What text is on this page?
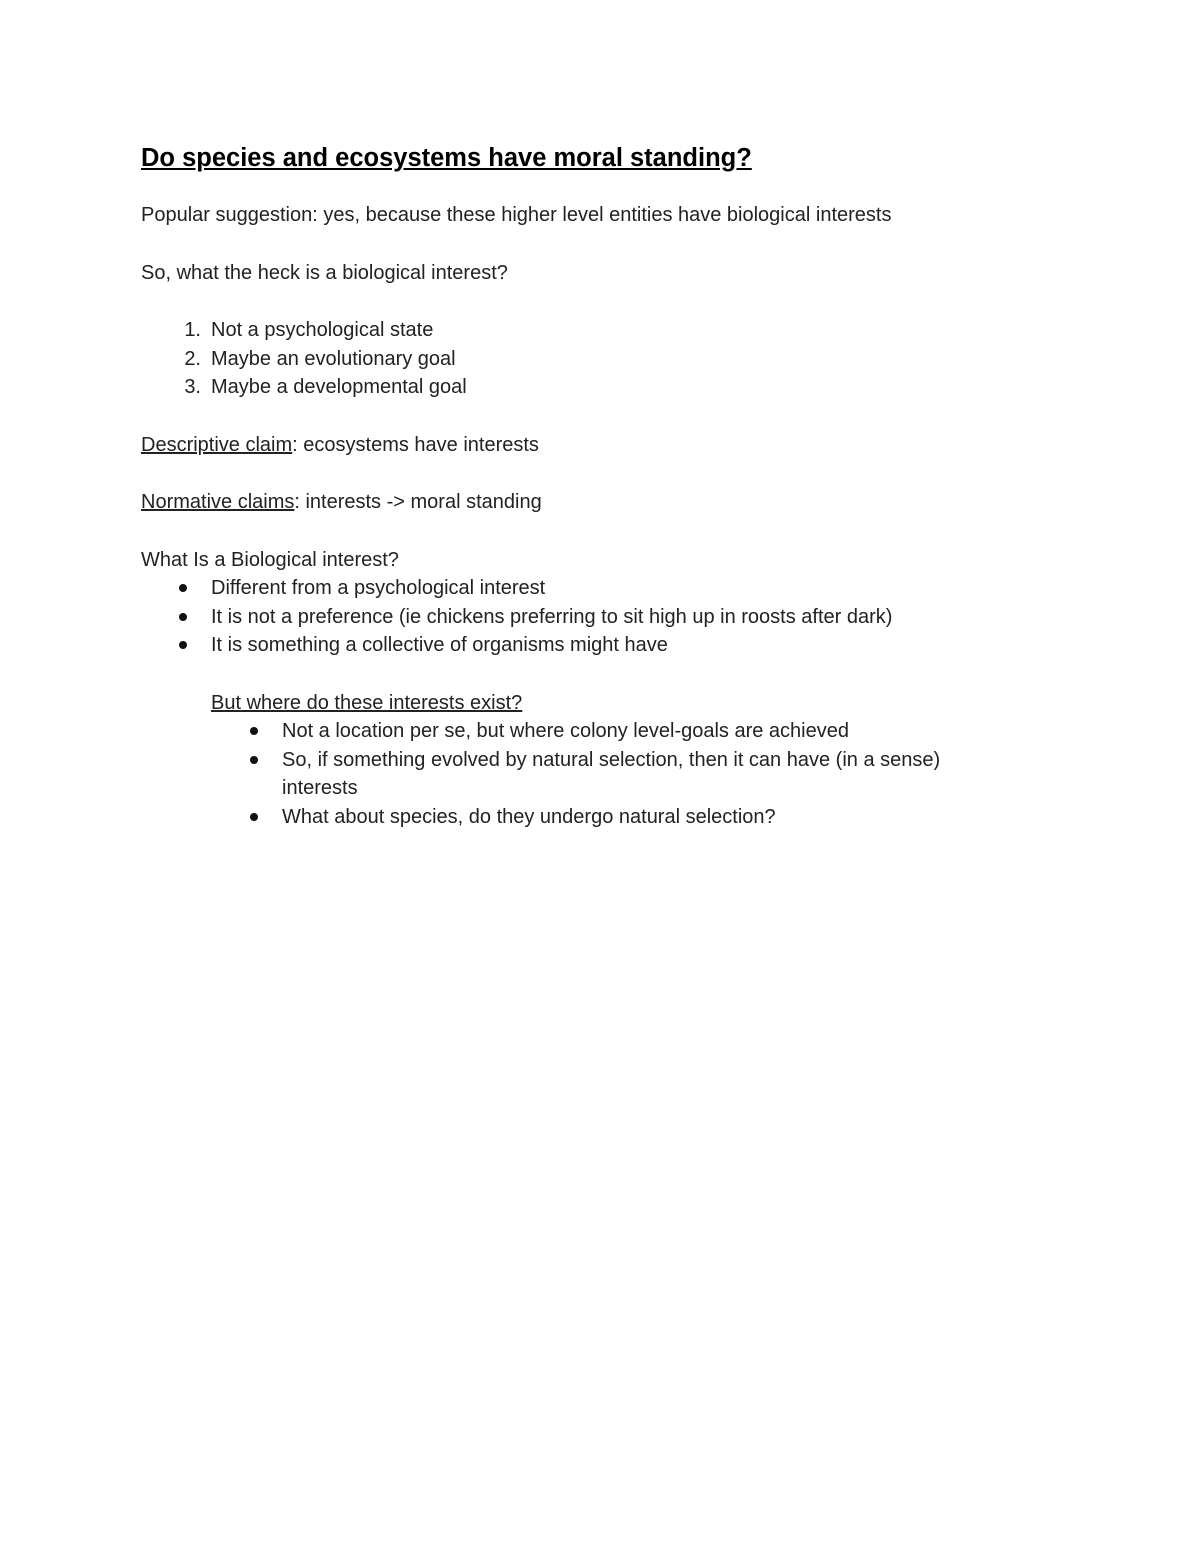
Do species and ecosystems have moral standing?

Popular suggestion: yes, because these higher level entities have biological interests

So, what the heck is a biological interest?

1. Not a psychological state
2. Maybe an evolutionary goal
3. Maybe a developmental goal

Descriptive claim: ecosystems have interests

Normative claims: interests -> moral standing

What Is a Biological interest?

Different from a psychological interest
It is not a preference (ie chickens preferring to sit high up in roosts after dark)
It is something a collective of organisms might have

But where do these interests exist?

Not a location per se, but where colony level-goals are achieved
So, if something evolved by natural selection, then it can have (in a sense) interests
What about species, do they undergo natural selection?
